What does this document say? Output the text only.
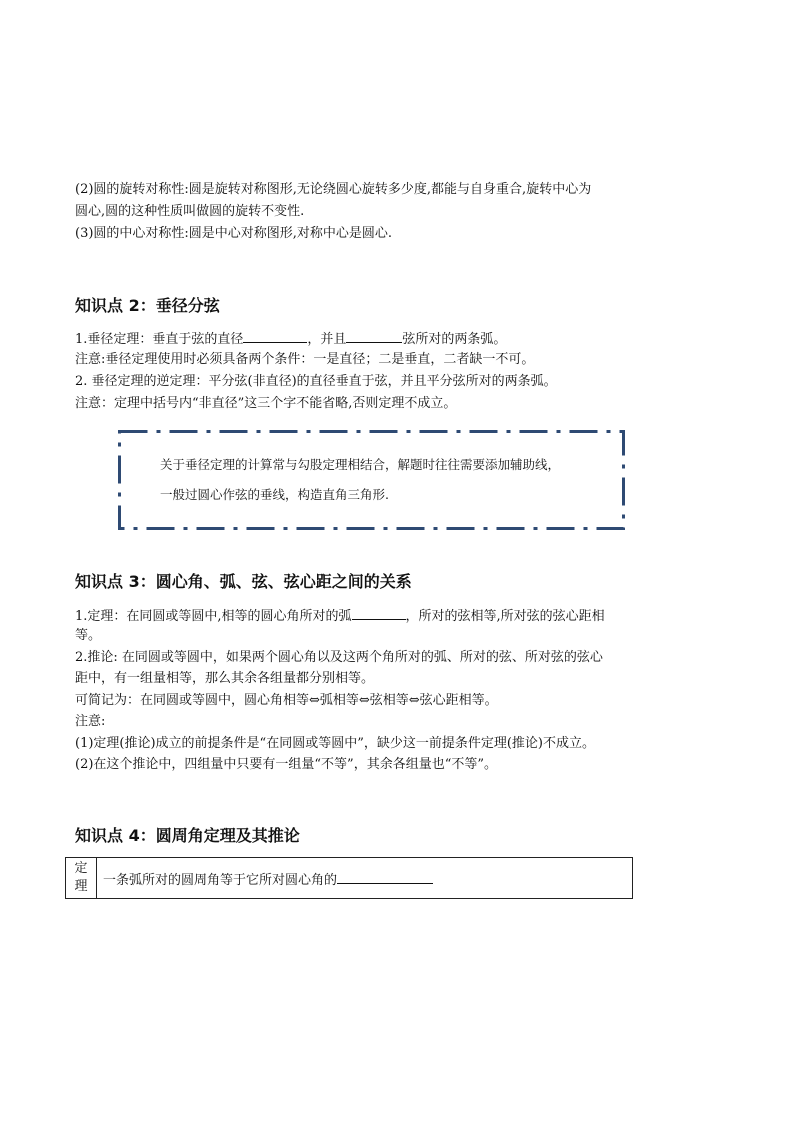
(2)圆的旋转对称性:圆是旋转对称图形,无论绕圆心旋转多少度,都能与自身重合,旋转中心为
圆心,圆的这种性质叫做圆的旋转不变性.
(3)圆的中心对称性:圆是中心对称图形,对称中心是圆心.
知识点 2：垂径分弦
1.垂径定理：垂直于弦的直径	，并且	弦所对的两条弧。
注意:垂径定理使用时必须具备两个条件：一是直径；二是垂直，二者缺一不可。
2. 垂径定理的逆定理：平分弦(非直径)的直径垂直于弦，并且平分弦所对的两条弧。
注意：定理中括号内“非直径”这三个字不能省略,否则定理不成立。
关于垂径定理的计算常与勾股定理相结合，解题时往往需要添加辅助线，
一般过圆心作弦的垂线，构造直角三角形.
知识点 3：圆心角、弧、弦、弦心距之间的关系
1.定理：在同圆或等圆中,相等的圆心角所对的弧	，所对的弦相等,所对弦的弦心距相
等。
2.推论: 在同圆或等圆中，如果两个圆心角以及这两个角所对的弧、所对的弦、所对弦的弦心
距中，有一组量相等，那么其余各组量都分别相等。
可简记为：在同圆或等圆中，圆心角相等⇔弧相等⇔弦相等⇔弦心距相等。
注意:
(1)定理(推论)成立的前提条件是“在同圆或等圆中”，缺少这一前提条件定理(推论)不成立。
(2)在这个推论中，四组量中只要有一组量“不等”，其余各组量也“不等”。
知识点 4：圆周角定理及其推论
定
理	一条弧所对的圆周角等于它所对圆心角的
